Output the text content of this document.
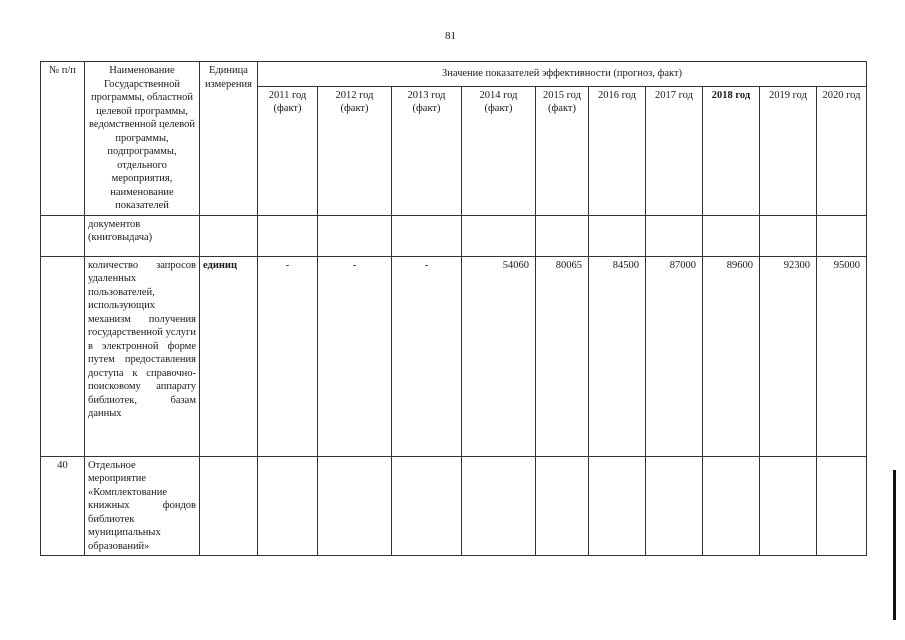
81
№ п/п	Наименование Государственной программы, областной целевой программы, ведомственной целевой программы, подпрограммы, отдельного мероприятия, наименование показателей	Единица измерения	Значение показателей эффективности (прогноз, факт)									
			2011 год (факт)	2012 год (факт)	2013 год (факт)	2014 год (факт)	2015 год (факт)	2016 год	2017 год	2018 год	2019 год	2020 год
	документов (книговыдача)											
	количество запросов удаленных пользователей, использующих механизм получения государственной услуги в электронной форме путем предоставления доступа к справочно-поисковому аппарату библиотек, базам данных	единиц	-	-	-	54060	80065	84500	87000	89600	92300	95000
40	Отдельное мероприятие «Комплектование книжных фондов библиотек муниципальных образований»											
